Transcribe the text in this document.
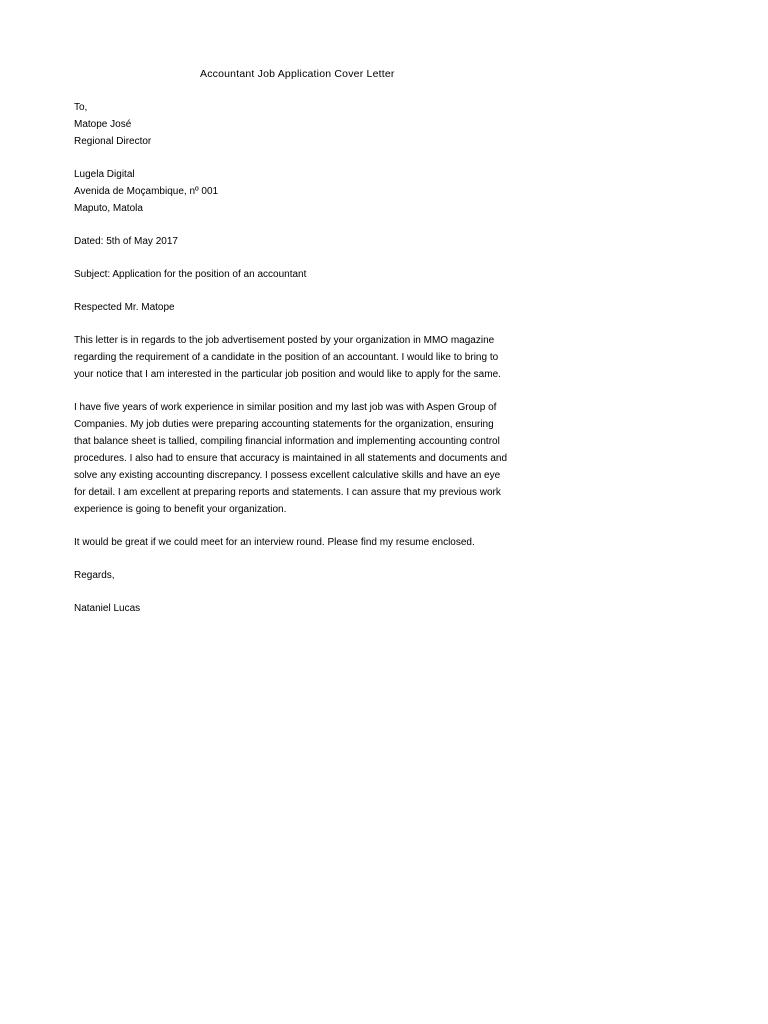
Accountant Job Application Cover Letter
To,
Matope José
Regional Director
Lugela Digital
Avenida de Moçambique, nº 001
Maputo, Matola
Dated: 5th of May 2017
Subject: Application for the position of an accountant
Respected Mr. Matope
This letter is in regards to the job advertisement posted by your organization in MMO magazine
regarding the requirement of a candidate in the position of an accountant. I would like to bring to
your notice that I am interested in the particular job position and would like to apply for the same.
I have five years of work experience in similar position and my last job was with Aspen Group of
Companies. My job duties were preparing accounting statements for the organization, ensuring
that balance sheet is tallied, compiling financial information and implementing accounting control
procedures. I also had to ensure that accuracy is maintained in all statements and documents and
solve any existing accounting discrepancy. I possess excellent calculative skills and have an eye
for detail. I am excellent at preparing reports and statements. I can assure that my previous work
experience is going to benefit your organization.
It would be great if we could meet for an interview round. Please find my resume enclosed.
Regards,
Nataniel Lucas
